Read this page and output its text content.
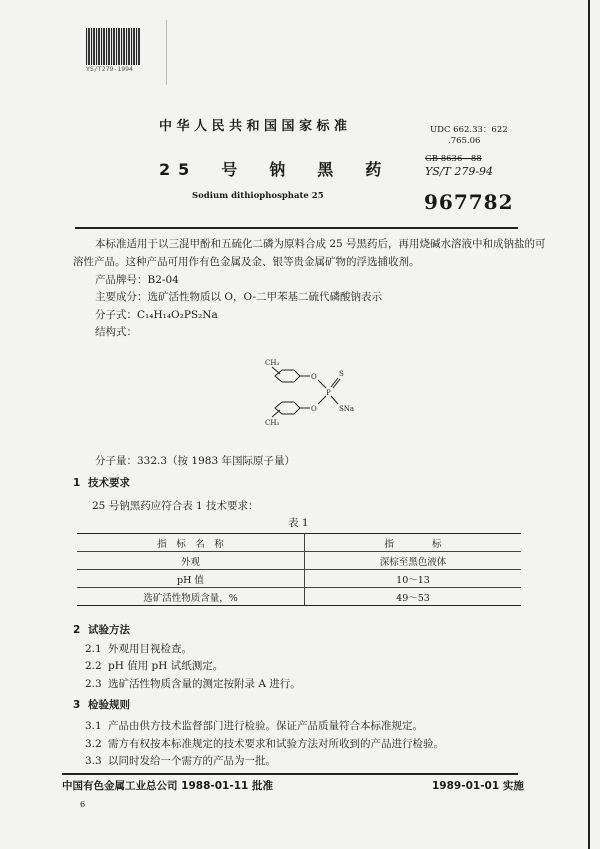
YS/T279-1994
中华人民共和国国家标准
25　号　钠　黑　药
Sodium dithiophosphate 25
UDC 662.33：622
.765.06
GB 8636—88
YS/T 279-94
967782
本标准适用于以三混甲酚和五硫化二磷为原料合成 25 号黑药后，再用烧碱水溶液中和成钠盐的可
溶性产品。这种产品可用作有色金属及金、银等贵金属矿物的浮选捕收剂。
产品牌号：B2-04
主要成分：选矿活性物质以 O，O-二甲苯基二硫代磷酸钠表示
分子式：C₁₄H₁₄O₂PS₂Na
结构式：
CH₃
CH₃
O
O
P
S
SNa
分子量：332.3（按 1983 年国际原子量）
1 技术要求
25 号钠黑药应符合表 1 技术要求：
表 1
指　标　名　称	指　　　　标
外观	深棕至黑色液体
pH 值	10～13
选矿活性物质含量，%	49～53
2 试验方法
2.1 外观用目视检查。
2.2 pH 值用 pH 试纸测定。
2.3 选矿活性物质含量的测定按附录 A 进行。
3 检验规则
3.1 产品由供方技术监督部门进行检验。保证产品质量符合本标准规定。
3.2 需方有权按本标准规定的技术要求和试验方法对所收到的产品进行检验。
3.3 以同时发给一个需方的产品为一批。
中国有色金属工业总公司 1988-01-11 批准	1989-01-01 实施
6
